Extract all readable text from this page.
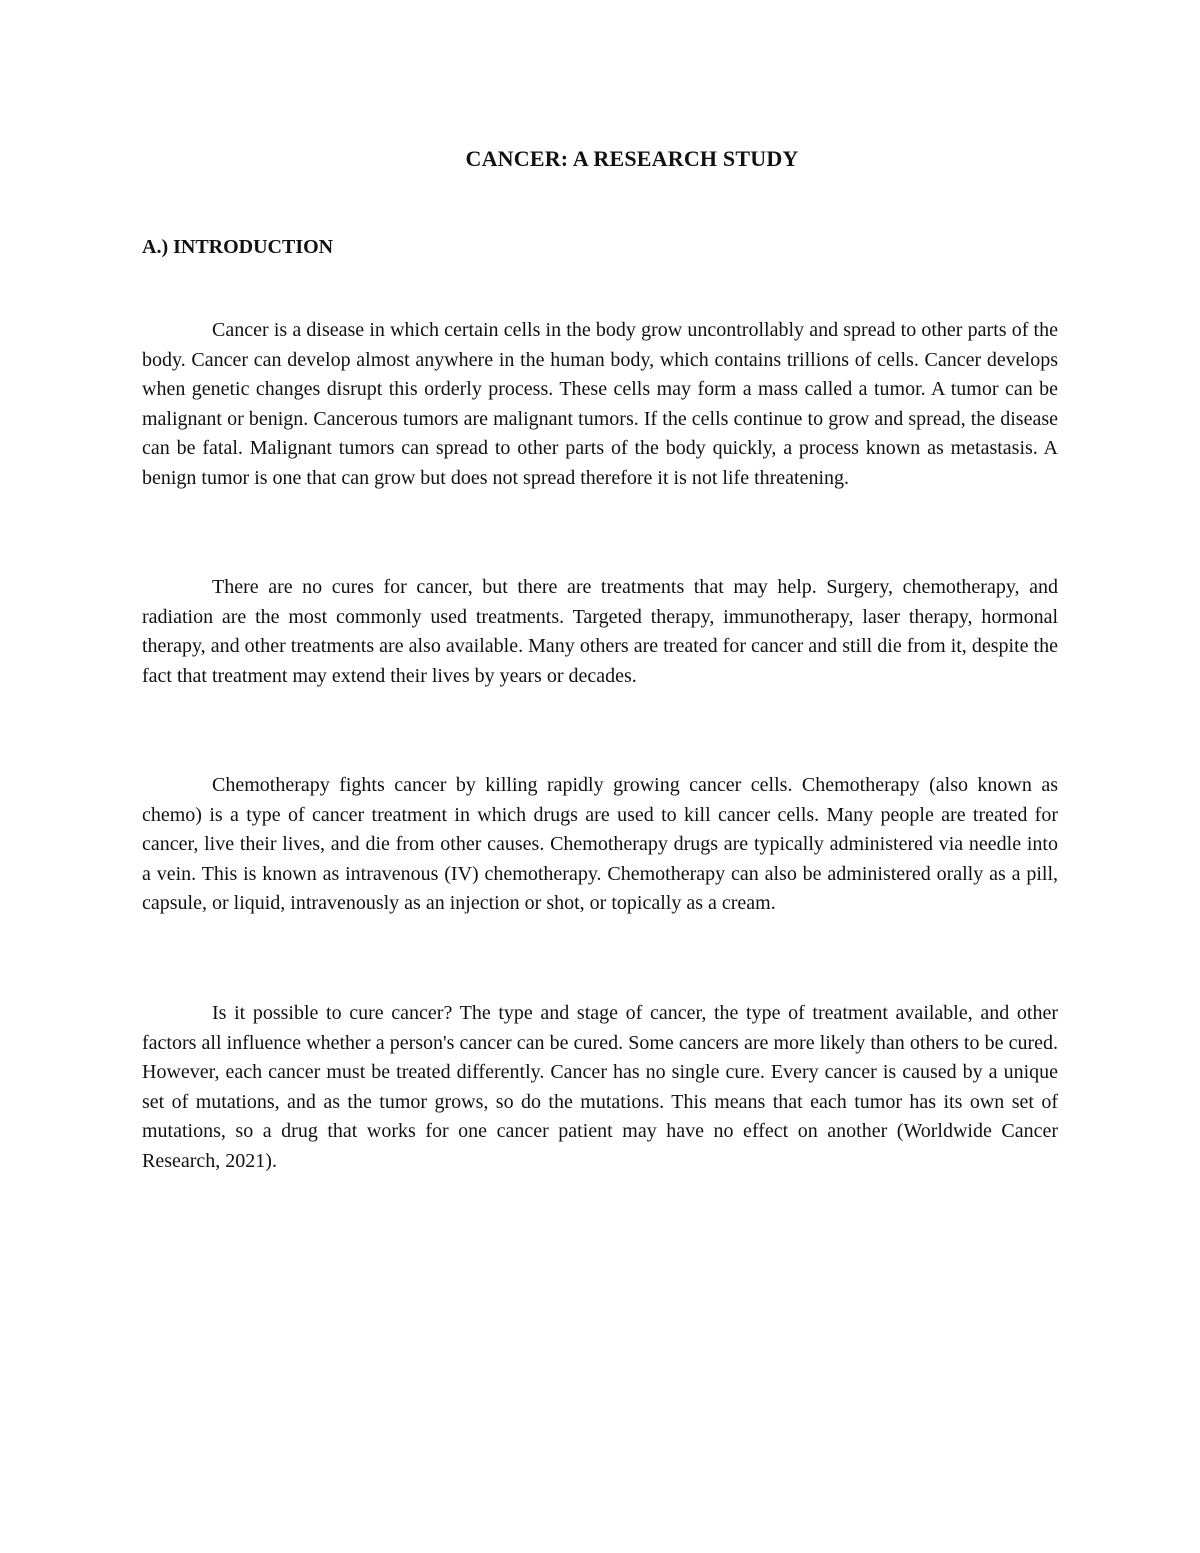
CANCER: A RESEARCH STUDY
A.) INTRODUCTION

Cancer is a disease in which certain cells in the body grow uncontrollably and spread to other parts of the body. Cancer can develop almost anywhere in the human body, which contains trillions of cells. Cancer develops when genetic changes disrupt this orderly process. These cells may form a mass called a tumor. A tumor can be malignant or benign. Cancerous tumors are malignant tumors. If the cells continue to grow and spread, the disease can be fatal. Malignant tumors can spread to other parts of the body quickly, a process known as metastasis. A benign tumor is one that can grow but does not spread therefore it is not life threatening.

There are no cures for cancer, but there are treatments that may help. Surgery, chemotherapy, and radiation are the most commonly used treatments. Targeted therapy, immunotherapy, laser therapy, hormonal therapy, and other treatments are also available. Many others are treated for cancer and still die from it, despite the fact that treatment may extend their lives by years or decades.

Chemotherapy fights cancer by killing rapidly growing cancer cells. Chemotherapy (also known as chemo) is a type of cancer treatment in which drugs are used to kill cancer cells. Many people are treated for cancer, live their lives, and die from other causes. Chemotherapy drugs are typically administered via needle into a vein. This is known as intravenous (IV) chemotherapy. Chemotherapy can also be administered orally as a pill, capsule, or liquid, intravenously as an injection or shot, or topically as a cream.

Is it possible to cure cancer? The type and stage of cancer, the type of treatment available, and other factors all influence whether a person's cancer can be cured. Some cancers are more likely than others to be cured. However, each cancer must be treated differently. Cancer has no single cure. Every cancer is caused by a unique set of mutations, and as the tumor grows, so do the mutations. This means that each tumor has its own set of mutations, so a drug that works for one cancer patient may have no effect on another (Worldwide Cancer Research, 2021).
